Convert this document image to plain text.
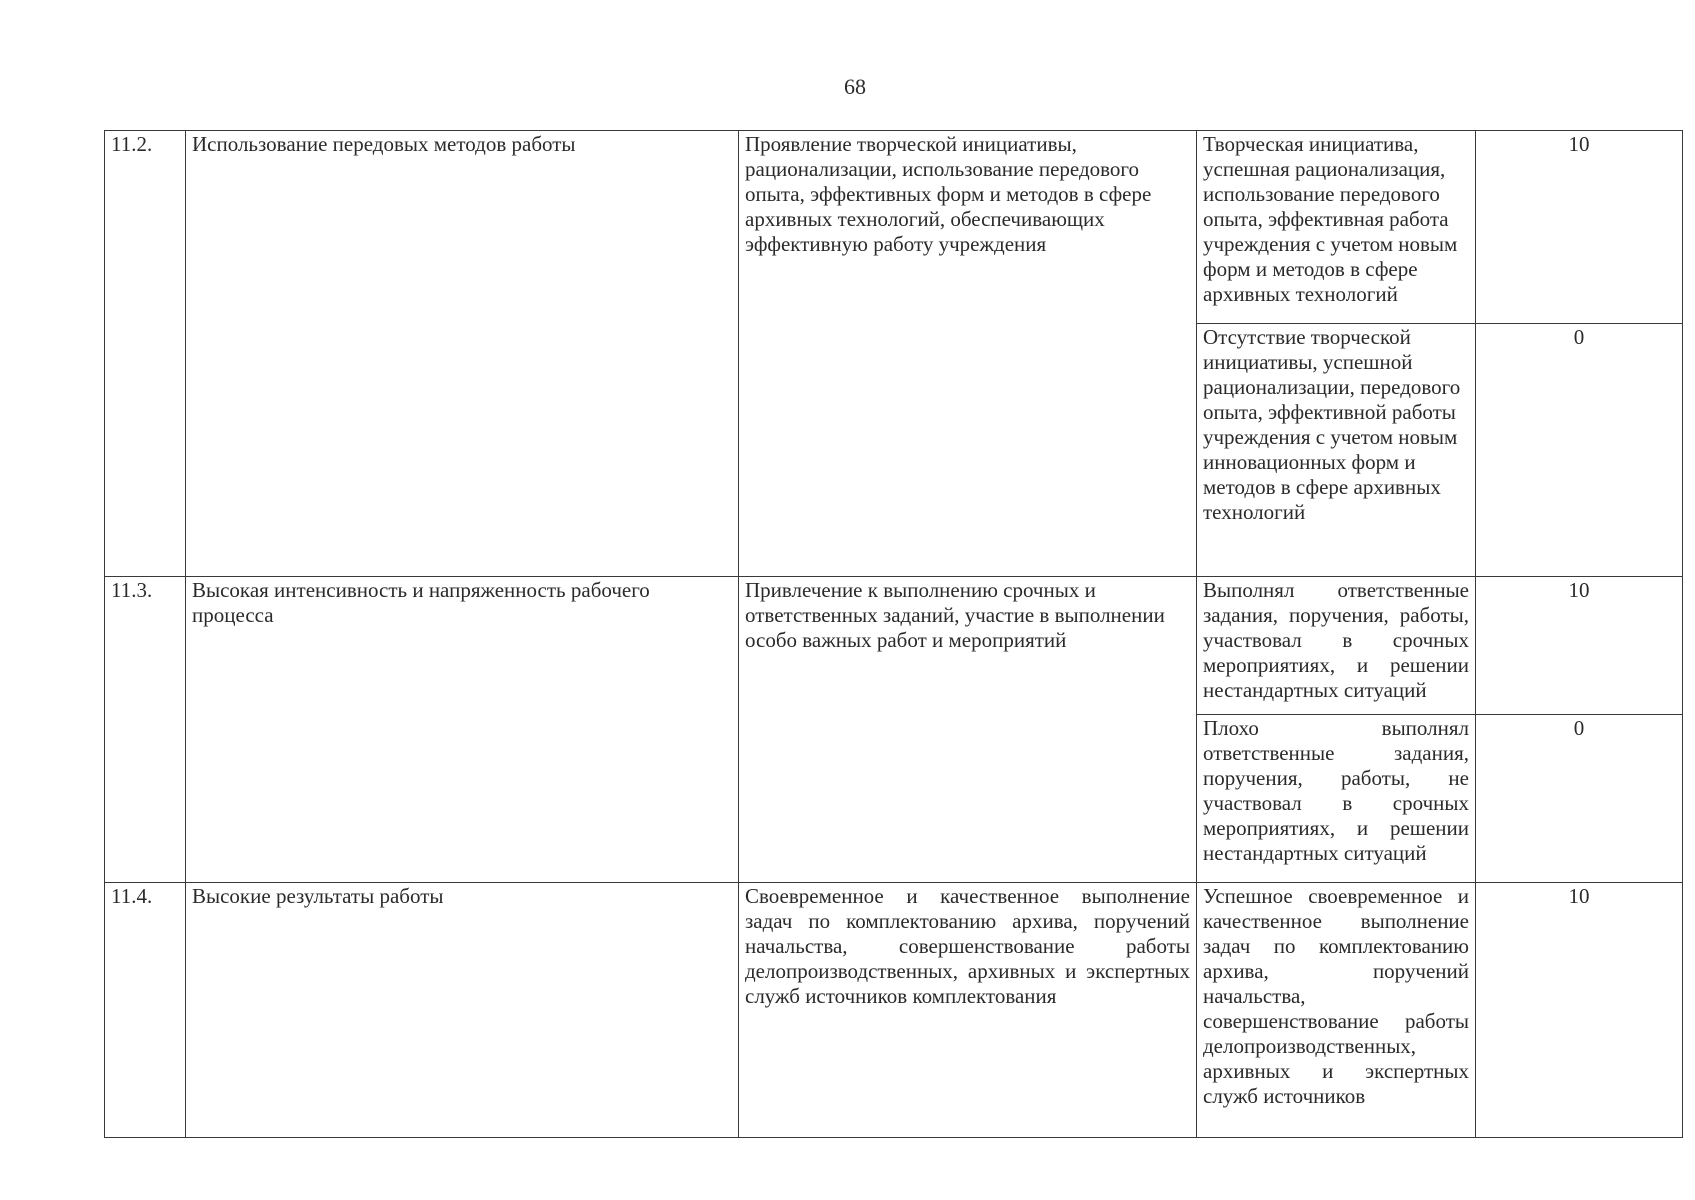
68
11.2.	Использование передовых методов работы	Проявление творческой инициативы, рационализации, использование передового опыта, эффективных форм и методов в сфере архивных технологий, обеспечивающих эффективную работу учреждения	Творческая инициатива, успешная рационализация, использование передового опыта, эффективная работа учреждения с учетом новым форм и методов в сфере архивных технологий	10
			Отсутствие творческой инициативы, успешной рационализации, передового опыта, эффективной работы учреждения с учетом новым инновационных форм и методов в сфере архивных технологий	0
11.3.	Высокая интенсивность и напряженность рабочего процесса	Привлечение к выполнению срочных и ответственных заданий, участие в выполнении особо важных работ и мероприятий	Выполнял ответственные задания, поручения, работы, участвовал в срочных мероприятиях, и решении нестандартных ситуаций	10
			Плохо выполнял ответственные задания, поручения, работы, не участвовал в срочных мероприятиях, и решении нестандартных ситуаций	0
11.4.	Высокие результаты работы	Своевременное и качественное выполнение задач по комплектованию архива, поручений начальства, совершенствование работы делопроизводственных, архивных и экспертных служб источников комплектования	Успешное своевременное и качественное выполнение задач по комплектованию архива, поручений начальства, совершенствование работы делопроизводственных, архивных и экспертных служб источников	10
